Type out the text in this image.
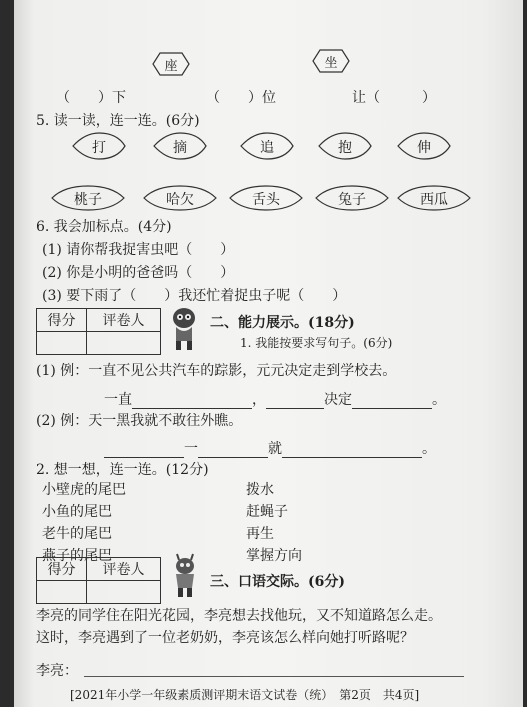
座	坐
（　　）下	（　　）位	让（　　　）
5. 读一读，连一连。(6分)
6. 我会加标点。(4分)
(1) 请你帮我捉害虫吧（　　）
(2) 你是小明的爸爸吗（　　）
(3) 要下雨了（　　）我还忙着捉虫子呢（　　）
得分	评卷人
		二、能力展示。(18分)
1. 我能按要求写句子。(6分)
(1) 例：一直不见公共汽车的踪影，元元决定走到学校去。
一直	，	决定	。
(2) 例：天一黑我就不敢往外瞧。
一	就	。
2. 想一想，连一连。(12分)
小壁虎的尾巴
小鱼的尾巴
老牛的尾巴
燕子的尾巴
拨水
赶蝇子
再生
掌握方向
得分	评卷人

三、口语交际。(6分)
李亮的同学住在阳光花园，李亮想去找他玩，又不知道路怎么走。
这时，李亮遇到了一位老奶奶，李亮该怎么样向她打听路呢？
李亮：
[2021年小学一年级素质测评期末语文试卷（统）　第2页　共4页]
打	摘	追	抱	伸
桃子	哈欠	舌头	兔子	西瓜
